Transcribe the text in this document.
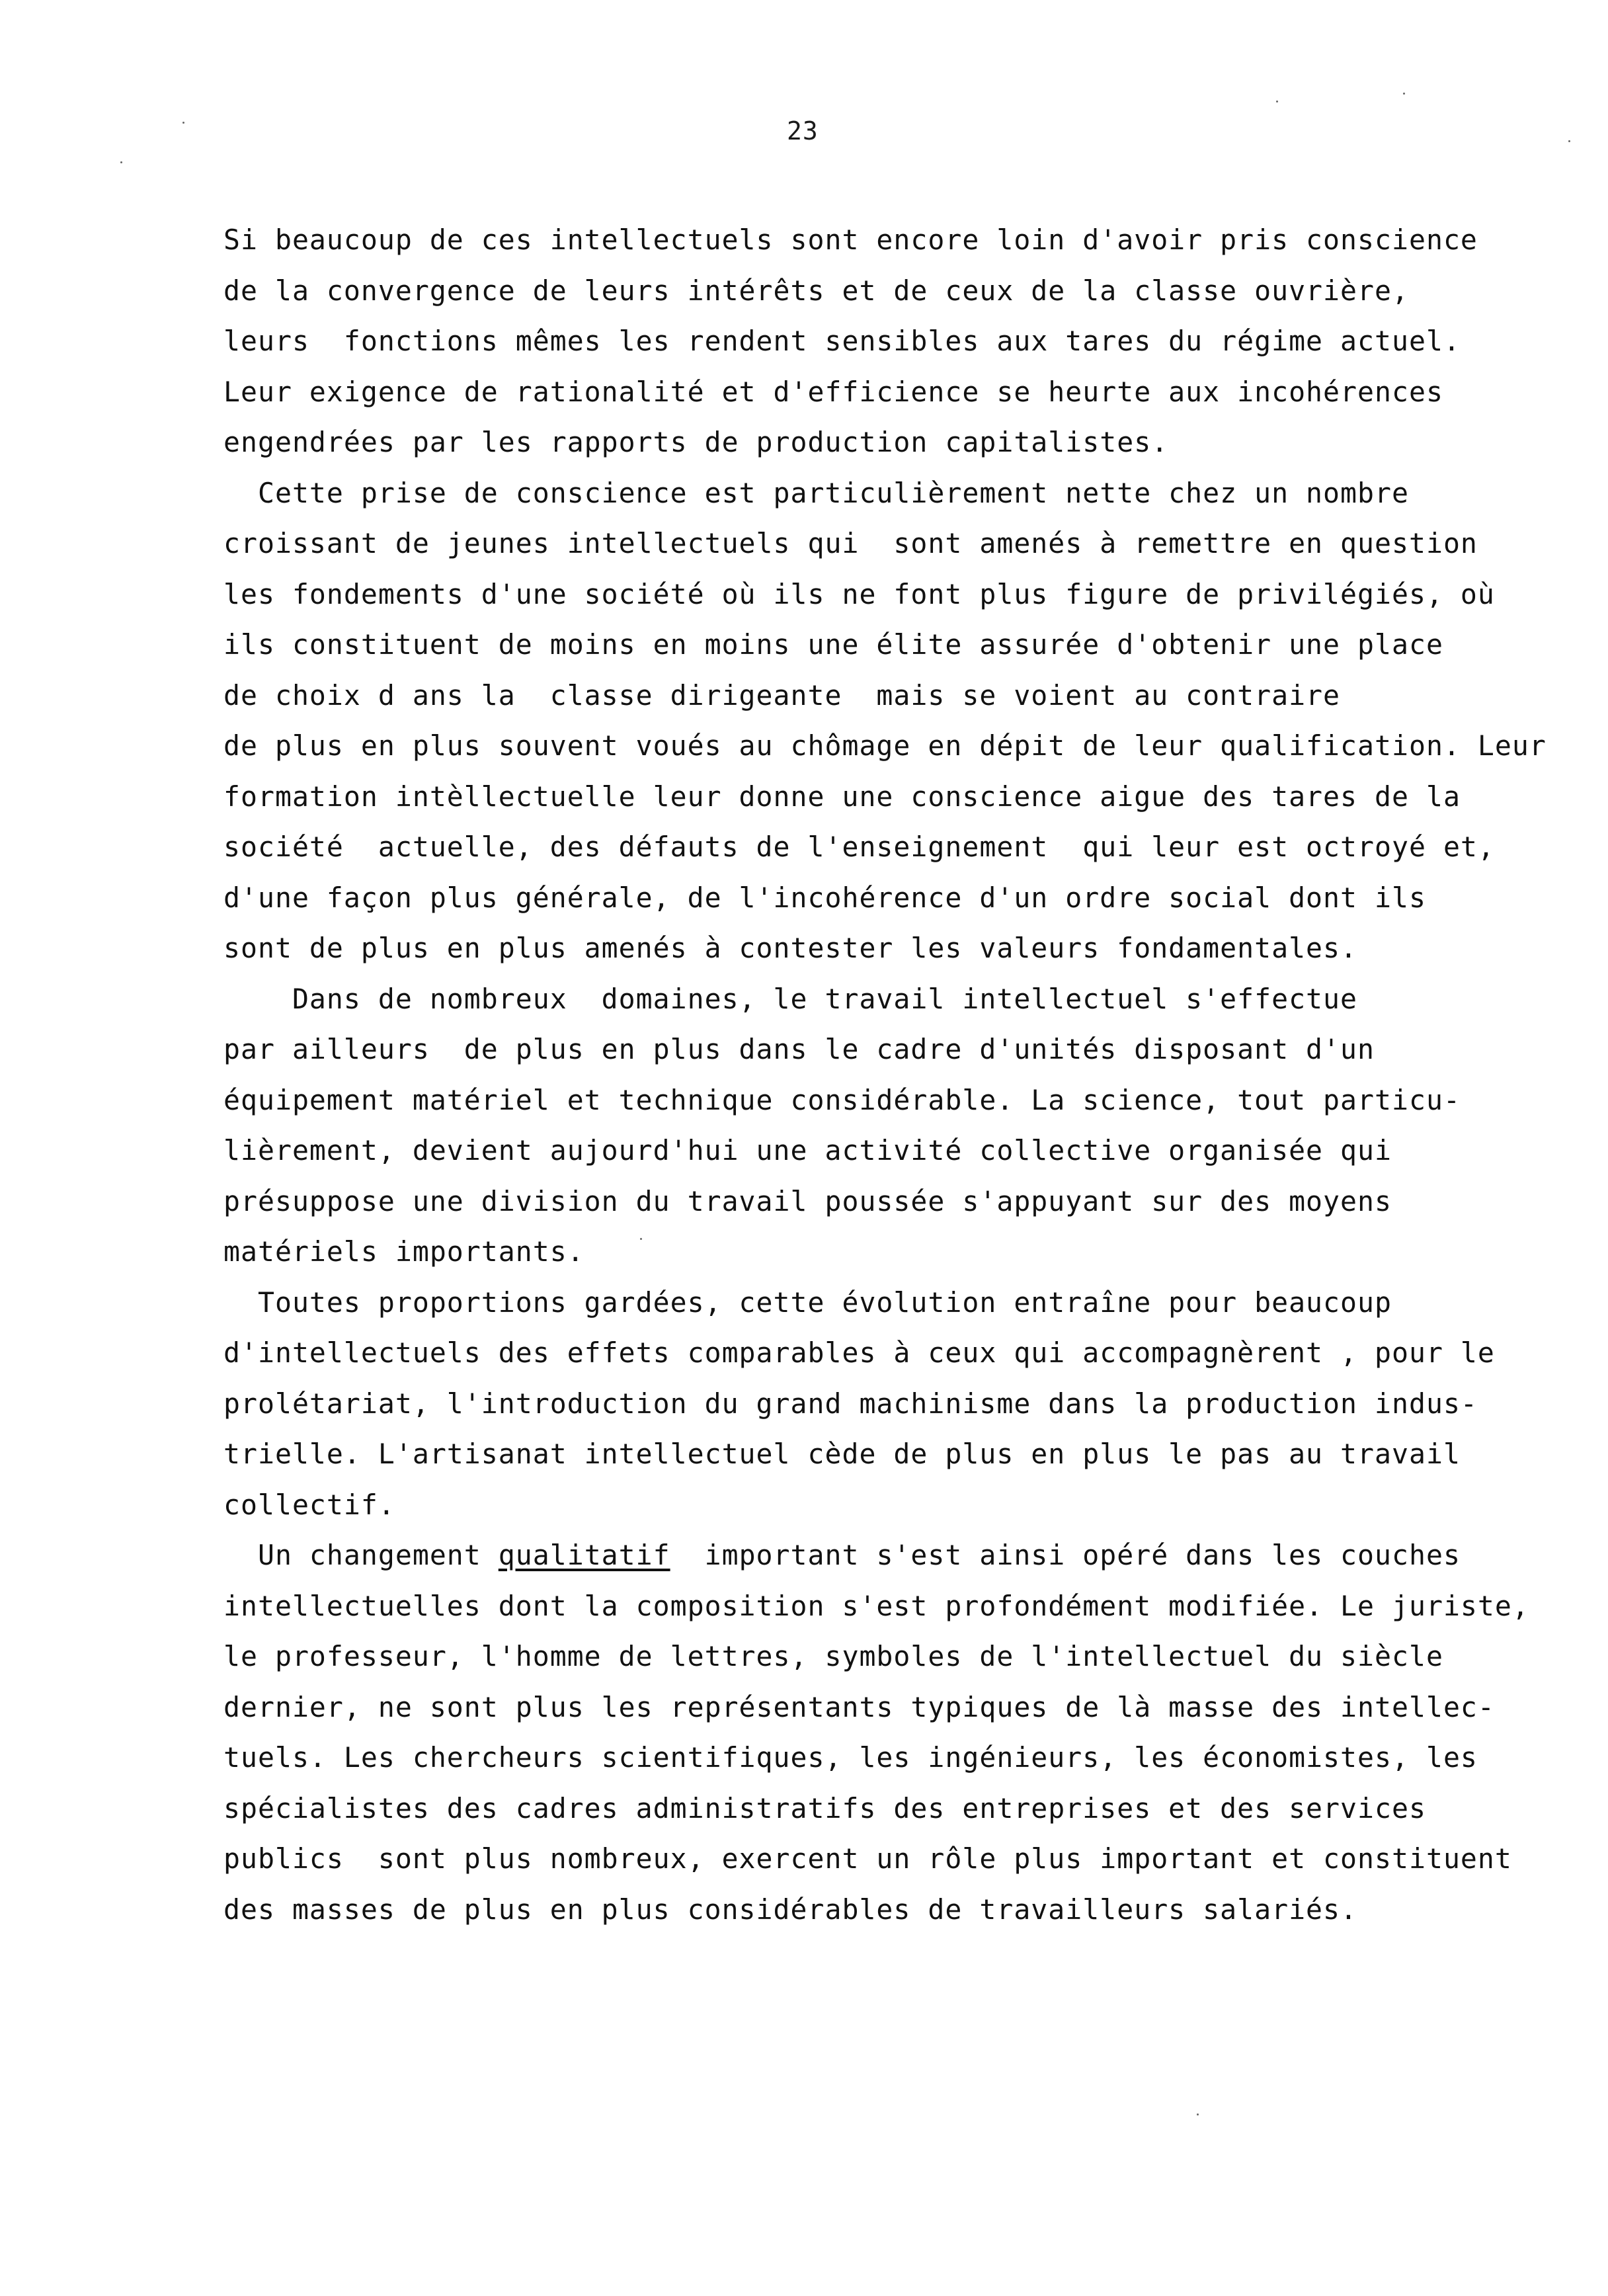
23
Si beaucoup de ces intellectuels sont encore loin d'avoir pris conscience
de la convergence de leurs intérêts et de ceux de la classe ouvrière,
leurs  fonctions mêmes les rendent sensibles aux tares du régime actuel.
Leur exigence de rationalité et d'efficience se heurte aux incohérences
engendrées par les rapports de production capitalistes.
Cette prise de conscience est particulièrement nette chez un nombre
croissant de jeunes intellectuels qui  sont amenés à remettre en question
les fondements d'une société où ils ne font plus figure de privilégiés, où
ils constituent de moins en moins une élite assurée d'obtenir une place
de choix d ans la  classe dirigeante  mais se voient au contraire
de plus en plus souvent voués au chômage en dépit de leur qualification. Leur
formation intèllectuelle leur donne une conscience aigue des tares de la
société  actuelle, des défauts de l'enseignement  qui leur est octroyé et,
d'une façon plus générale, de l'incohérence d'un ordre social dont ils
sont de plus en plus amenés à contester les valeurs fondamentales.
Dans de nombreux  domaines, le travail intellectuel s'effectue
par ailleurs  de plus en plus dans le cadre d'unités disposant d'un
équipement matériel et technique considérable. La science, tout particu-
lièrement, devient aujourd'hui une activité collective organisée qui
présuppose une division du travail poussée s'appuyant sur des moyens
matériels importants.
Toutes proportions gardées, cette évolution entraîne pour beaucoup
d'intellectuels des effets comparables à ceux qui accompagnèrent , pour le
prolétariat, l'introduction du grand machinisme dans la production indus-
trielle. L'artisanat intellectuel cède de plus en plus le pas au travail
collectif.
Un changement qualitatif  important s'est ainsi opéré dans les couches
intellectuelles dont la composition s'est profondément modifiée. Le juriste,
le professeur, l'homme de lettres, symboles de l'intellectuel du siècle
dernier, ne sont plus les représentants typiques de là masse des intellec-
tuels. Les chercheurs scientifiques, les ingénieurs, les économistes, les
spécialistes des cadres administratifs des entreprises et des services
publics  sont plus nombreux, exercent un rôle plus important et constituent
des masses de plus en plus considérables de travailleurs salariés.
